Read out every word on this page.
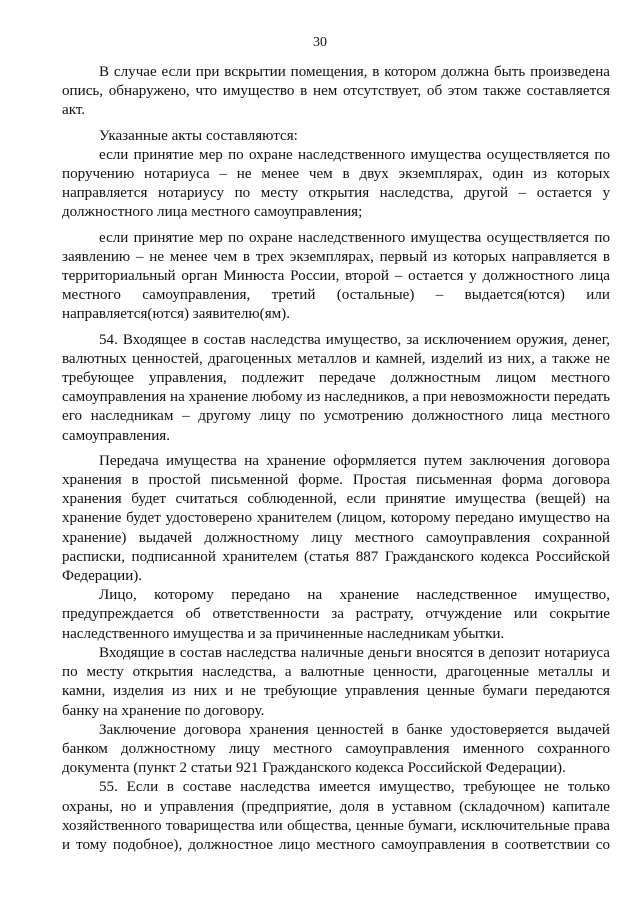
30

В случае если при вскрытии помещения, в котором должна быть произведена опись, обнаружено, что имущество в нем отсутствует, об этом также составляется акт.

Указанные акты составляются:

если принятие мер по охране наследственного имущества осуществляется по поручению нотариуса – не менее чем в двух экземплярах, один из которых направляется нотариусу по месту открытия наследства, другой – остается у должностного лица местного самоуправления;

если принятие мер по охране наследственного имущества осуществляется по заявлению – не менее чем в трех экземплярах, первый из которых направляется в территориальный орган Минюста России, второй – остается у должностного лица местного самоуправления, третий (остальные) – выдается(ются) или направляется(ются) заявителю(ям).

54. Входящее в состав наследства имущество, за исключением оружия, денег, валютных ценностей, драгоценных металлов и камней, изделий из них, а также не требующее управления, подлежит передаче должностным лицом местного самоуправления на хранение любому из наследников, а при невозможности передать его наследникам – другому лицу по усмотрению должностного лица местного самоуправления.

Передача имущества на хранение оформляется путем заключения договора хранения в простой письменной форме. Простая письменная форма договора хранения будет считаться соблюденной, если принятие имущества (вещей) на хранение будет удостоверено хранителем (лицом, которому передано имущество на хранение) выдачей должностному лицу местного самоуправления сохранной расписки, подписанной хранителем (статья 887 Гражданского кодекса Российской Федерации).

Лицо, которому передано на хранение наследственное имущество, предупреждается об ответственности за растрату, отчуждение или сокрытие наследственного имущества и за причиненные наследникам убытки.

Входящие в состав наследства наличные деньги вносятся в депозит нотариуса по месту открытия наследства, а валютные ценности, драгоценные металлы и камни, изделия из них и не требующие управления ценные бумаги передаются банку на хранение по договору.

Заключение договора хранения ценностей в банке удостоверяется выдачей банком должностному лицу местного самоуправления именного сохранного документа (пункт 2 статьи 921 Гражданского кодекса Российской Федерации).

55. Если в составе наследства имеется имущество, требующее не только охраны, но и управления (предприятие, доля в уставном (складочном) капитале хозяйственного товарищества или общества, ценные бумаги, исключительные права и тому подобное), должностное лицо местного самоуправления в соответствии со
